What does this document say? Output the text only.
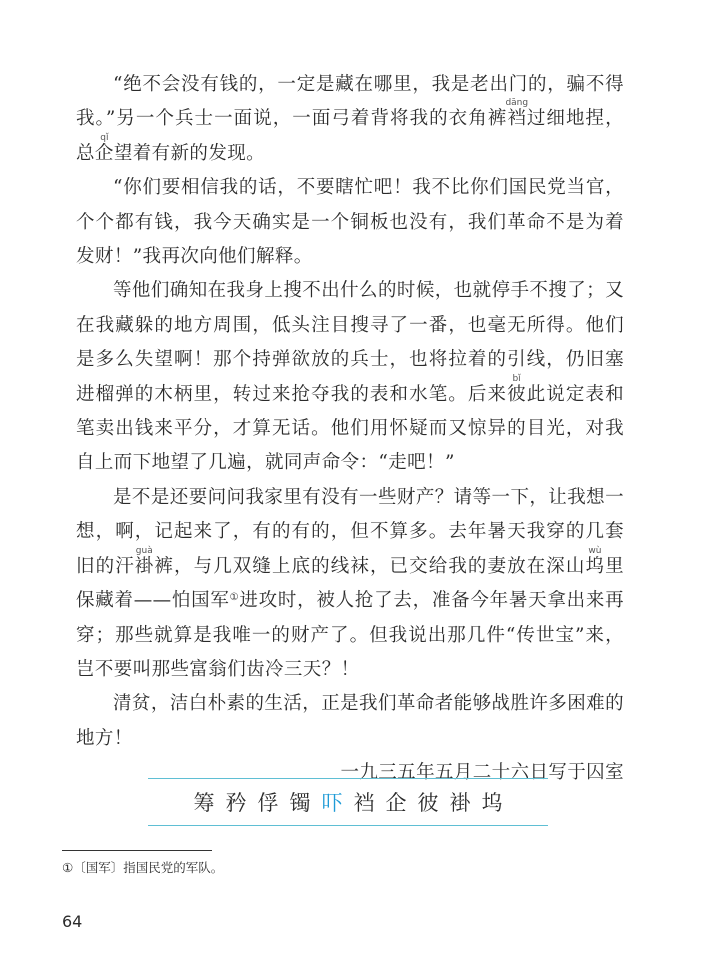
“绝不会没有钱的，一定是藏在哪里，我是老出门的，骗不得我。”另一个兵士一面说，一面弓着背将我的衣角裤裆dāng过细地捏，总企qǐ望着有新的发现。

“你们要相信我的话，不要瞎忙吧！我不比你们国民党当官，个个都有钱，我今天确实是一个铜板也没有，我们革命不是为着发财！”我再次向他们解释。

等他们确知在我身上搜不出什么的时候，也就停手不搜了；又在我藏躲的地方周围，低头注目搜寻了一番，也毫无所得。他们是多么失望啊！那个持弹欲放的兵士，也将拉着的引线，仍旧塞进榴弹的木柄里，转过来抢夺我的表和水笔。后来彼bǐ此说定表和笔卖出钱来平分，才算无话。他们用怀疑而又惊异的目光，对我自上而下地望了几遍，就同声命令：“走吧！”

是不是还要问问我家里有没有一些财产？请等一下，让我想一想，啊，记起来了，有的有的，但不算多。去年暑天我穿的几套旧的汗褂guà裤，与几双缝上底的线袜，已交给我的妻放在深山坞wù里保藏着——怕国军①进攻时，被人抢了去，准备今年暑天拿出来再穿；那些就算是我唯一的财产了。但我说出那几件“传世宝”来，岂不要叫那些富翁们齿冷三天？！

清贫，洁白朴素的生活，正是我们革命者能够战胜许多困难的地方！

一九三五年五月二十六日写于囚室

筹 矜 俘 镯 吓 裆 企 彼 褂 坞
①〔国军〕指国民党的军队。
64
